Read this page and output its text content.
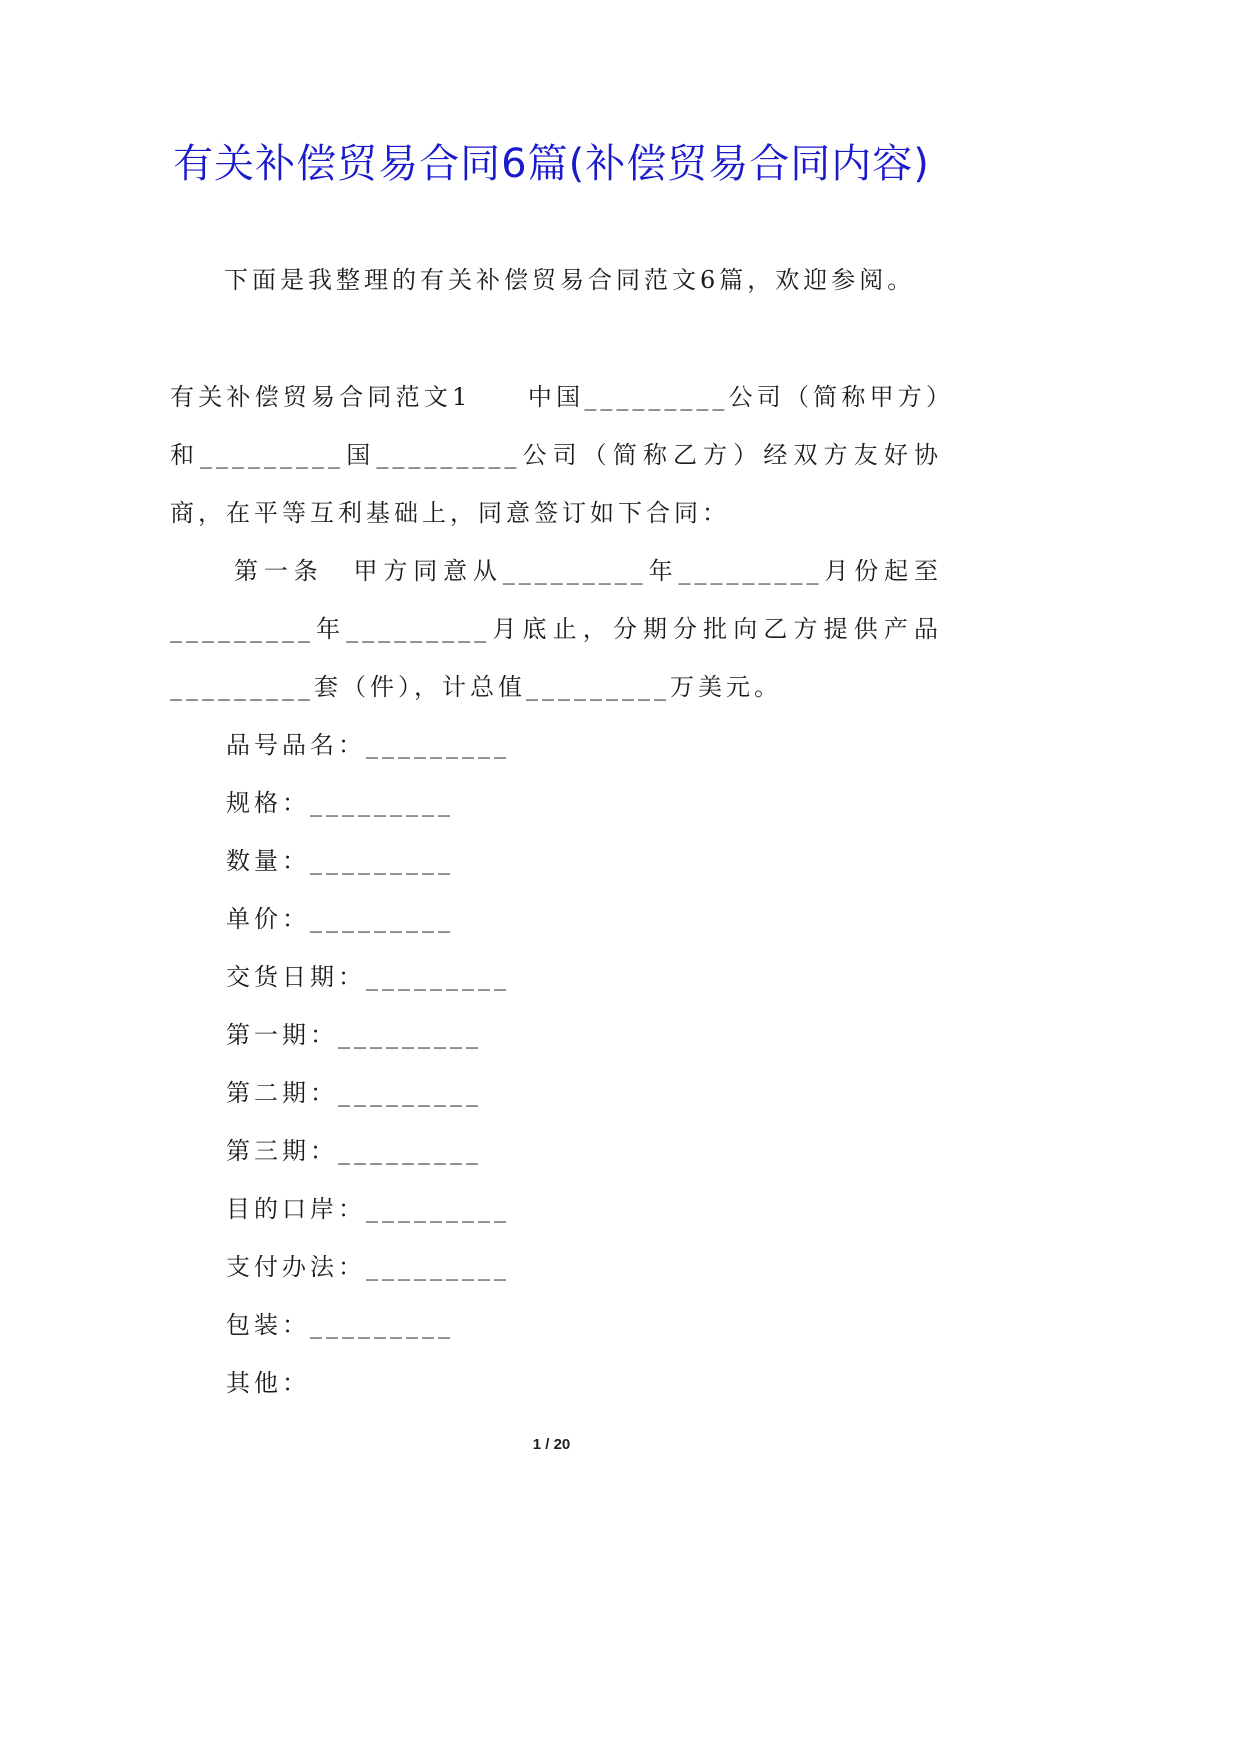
有关补偿贸易合同6篇(补偿贸易合同内容)

下面是我整理的有关补偿贸易合同范文6篇，欢迎参阅。

有关补偿贸易合同范文1　　中国_________公司（简称甲方）和_________国_________公司（简称乙方）经双方友好协商，在平等互利基础上，同意签订如下合同：

第一条　甲方同意从_________年_________月份起至_________年_________月底止，分期分批向乙方提供产品_________套（件），计总值_________万美元。

品号品名：_________
规格：_________
数量：_________
单价：_________
交货日期：_________
第一期：_________
第二期：_________
第三期：_________
目的口岸：_________
支付办法：_________
包装：_________
其他：
1 / 20
